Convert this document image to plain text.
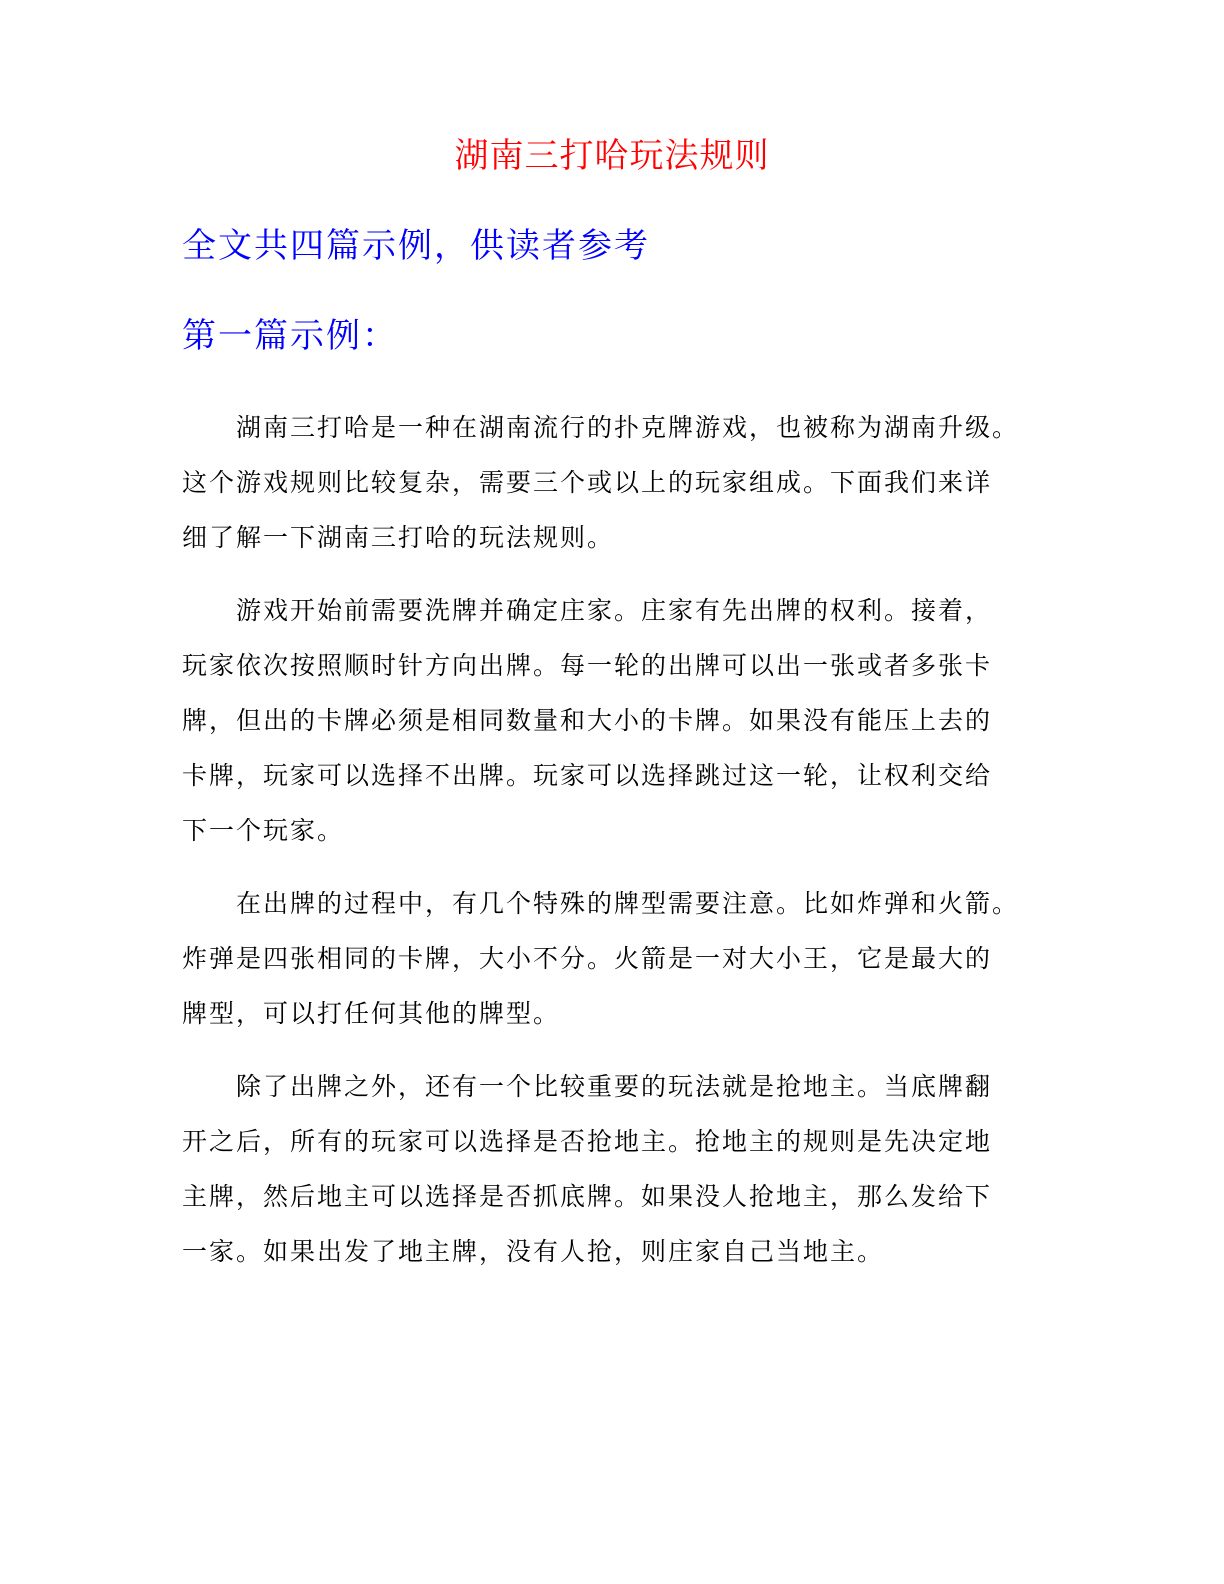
湖南三打哈玩法规则
全文共四篇示例，供读者参考
第一篇示例：
湖南三打哈是一种在湖南流行的扑克牌游戏，也被称为湖南升级。
这个游戏规则比较复杂，需要三个或以上的玩家组成。下面我们来详
细了解一下湖南三打哈的玩法规则。
游戏开始前需要洗牌并确定庄家。庄家有先出牌的权利。接着，
玩家依次按照顺时针方向出牌。每一轮的出牌可以出一张或者多张卡
牌，但出的卡牌必须是相同数量和大小的卡牌。如果没有能压上去的
卡牌，玩家可以选择不出牌。玩家可以选择跳过这一轮，让权利交给
下一个玩家。
在出牌的过程中，有几个特殊的牌型需要注意。比如炸弹和火箭。
炸弹是四张相同的卡牌，大小不分。火箭是一对大小王，它是最大的
牌型，可以打任何其他的牌型。
除了出牌之外，还有一个比较重要的玩法就是抢地主。当底牌翻
开之后，所有的玩家可以选择是否抢地主。抢地主的规则是先决定地
主牌，然后地主可以选择是否抓底牌。如果没人抢地主，那么发给下
一家。如果出发了地主牌，没有人抢，则庄家自己当地主。
